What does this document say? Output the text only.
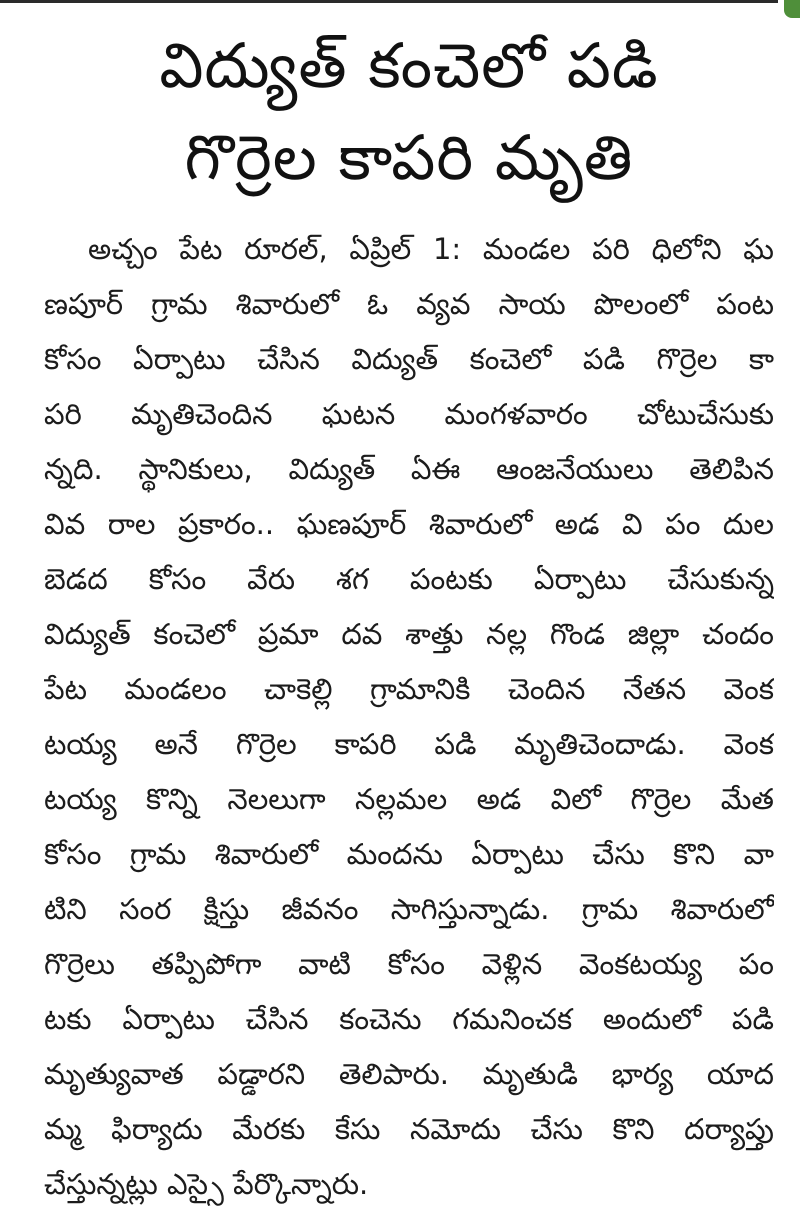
విద్యుత్ కంచెలో పడి
గొర్రెల కాపరి మృతి
అచ్చం పేట రూరల్, ఏప్రిల్ 1: మండల పరి ధిలోని ఘ
ణపూర్ గ్రామ శివారులో ఓ వ్యవ సాయ పొలంలో పంట
కోసం ఏర్పాటు చేసిన విద్యుత్ కంచెలో పడి గొర్రెల కా
పరి మృతిచెందిన ఘటన మంగళవారం చోటుచేసుకు
న్నది. స్థానికులు, విద్యుత్ ఏఈ ఆంజనేయులు తెలిపిన
వివ రాల ప్రకారం.. ఘణపూర్ శివారులో అడ వి పం దుల
బెడద కోసం వేరు శగ పంటకు ఏర్పాటు చేసుకున్న
విద్యుత్ కంచెలో ప్రమా దవ శాత్తు నల్ల గొండ జిల్లా చందం
పేట మండలం చాకెల్లి గ్రామానికి చెందిన నేతన వెంక
టయ్య అనే గొర్రెల కాపరి పడి మృతిచెందాడు. వెంక
టయ్య కొన్ని నెలలుగా నల్లమల అడ విలో గొర్రెల మేత
కోసం గ్రామ శివారులో మందను ఏర్పాటు చేసు కొని వా
టిని సంర క్షిస్తు జీవనం సాగిస్తున్నాడు. గ్రామ శివారులో
గొర్రెలు తప్పిపోగా వాటి కోసం వెళ్లిన వెంకటయ్య పం
టకు ఏర్పాటు చేసిన కంచెను గమనించక అందులో పడి
మృత్యువాత పడ్డారని తెలిపారు. మృతుడి భార్య యాద
మ్మ ఫిర్యాదు మేరకు కేసు నమోదు చేసు కొని దర్యాప్తు
చేస్తున్నట్లు ఎస్సై పేర్కొన్నారు.
